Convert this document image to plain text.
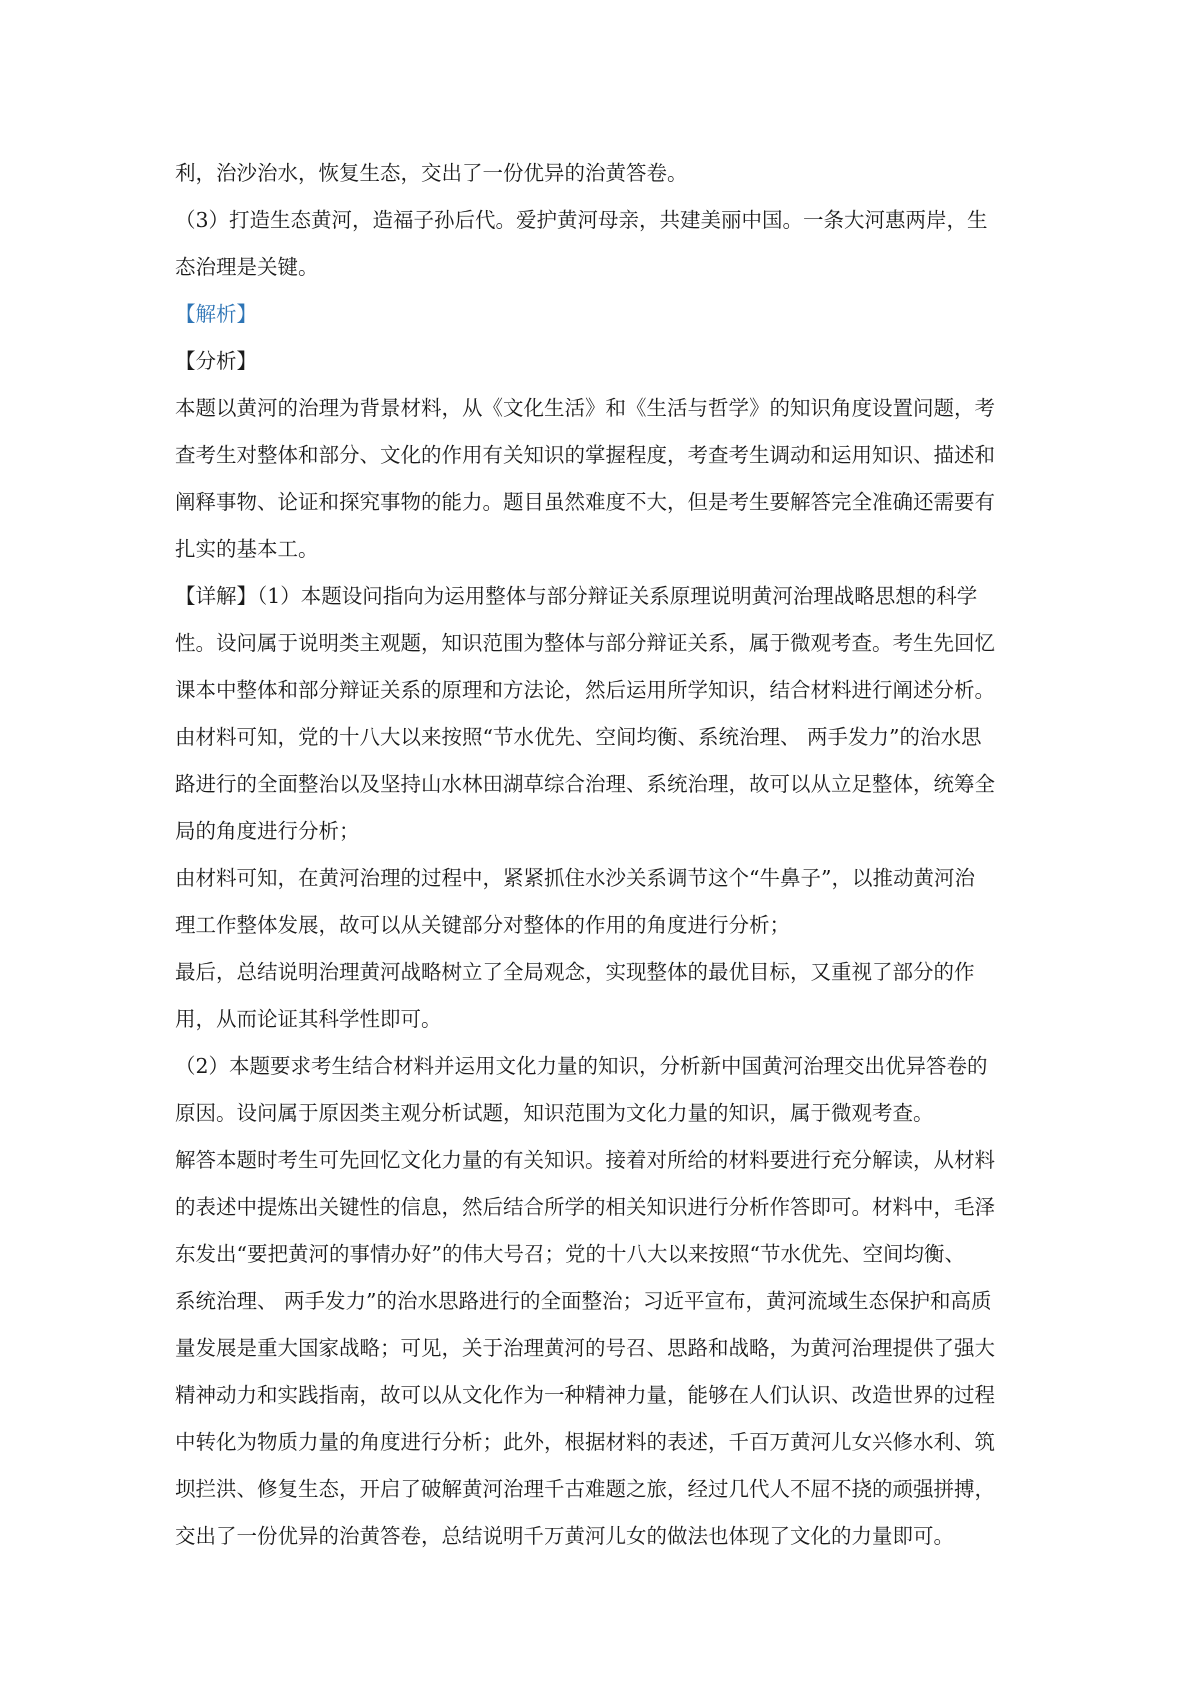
利，治沙治水，恢复生态，交出了一份优异的治黄答卷。
（3）打造生态黄河，造福子孙后代。爱护黄河母亲，共建美丽中国。一条大河惠两岸，生
态治理是关键。
【解析】
【分析】
本题以黄河的治理为背景材料，从《文化生活》和《生活与哲学》的知识角度设置问题，考
查考生对整体和部分、文化的作用有关知识的掌握程度，考查考生调动和运用知识、描述和
阐释事物、论证和探究事物的能力。题目虽然难度不大，但是考生要解答完全准确还需要有
扎实的基本工。
【详解】（1）本题设问指向为运用整体与部分辩证关系原理说明黄河治理战略思想的科学
性。设问属于说明类主观题，知识范围为整体与部分辩证关系，属于微观考查。考生先回忆
课本中整体和部分辩证关系的原理和方法论，然后运用所学知识，结合材料进行阐述分析。
由材料可知，党的十八大以来按照“节水优先、空间均衡、系统治理、 两手发力”的治水思
路进行的全面整治以及坚持山水林田湖草综合治理、系统治理，故可以从立足整体，统筹全
局的角度进行分析；
由材料可知，在黄河治理的过程中，紧紧抓住水沙关系调节这个“牛鼻子”，以推动黄河治
理工作整体发展，故可以从关键部分对整体的作用的角度进行分析；
最后，总结说明治理黄河战略树立了全局观念，实现整体的最优目标，又重视了部分的作
用，从而论证其科学性即可。
（2）本题要求考生结合材料并运用文化力量的知识，分析新中国黄河治理交出优异答卷的
原因。设问属于原因类主观分析试题，知识范围为文化力量的知识，属于微观考查。
解答本题时考生可先回忆文化力量的有关知识。接着对所给的材料要进行充分解读，从材料
的表述中提炼出关键性的信息，然后结合所学的相关知识进行分析作答即可。材料中，毛泽
东发出“要把黄河的事情办好”的伟大号召；党的十八大以来按照“节水优先、空间均衡、
系统治理、 两手发力”的治水思路进行的全面整治；习近平宣布，黄河流域生态保护和高质
量发展是重大国家战略；可见，关于治理黄河的号召、思路和战略，为黄河治理提供了强大
精神动力和实践指南，故可以从文化作为一种精神力量，能够在人们认识、改造世界的过程
中转化为物质力量的角度进行分析；此外，根据材料的表述，千百万黄河儿女兴修水利、筑
坝拦洪、修复生态，开启了破解黄河治理千古难题之旅，经过几代人不屈不挠的顽强拼搏，
交出了一份优异的治黄答卷，总结说明千万黄河儿女的做法也体现了文化的力量即可。
